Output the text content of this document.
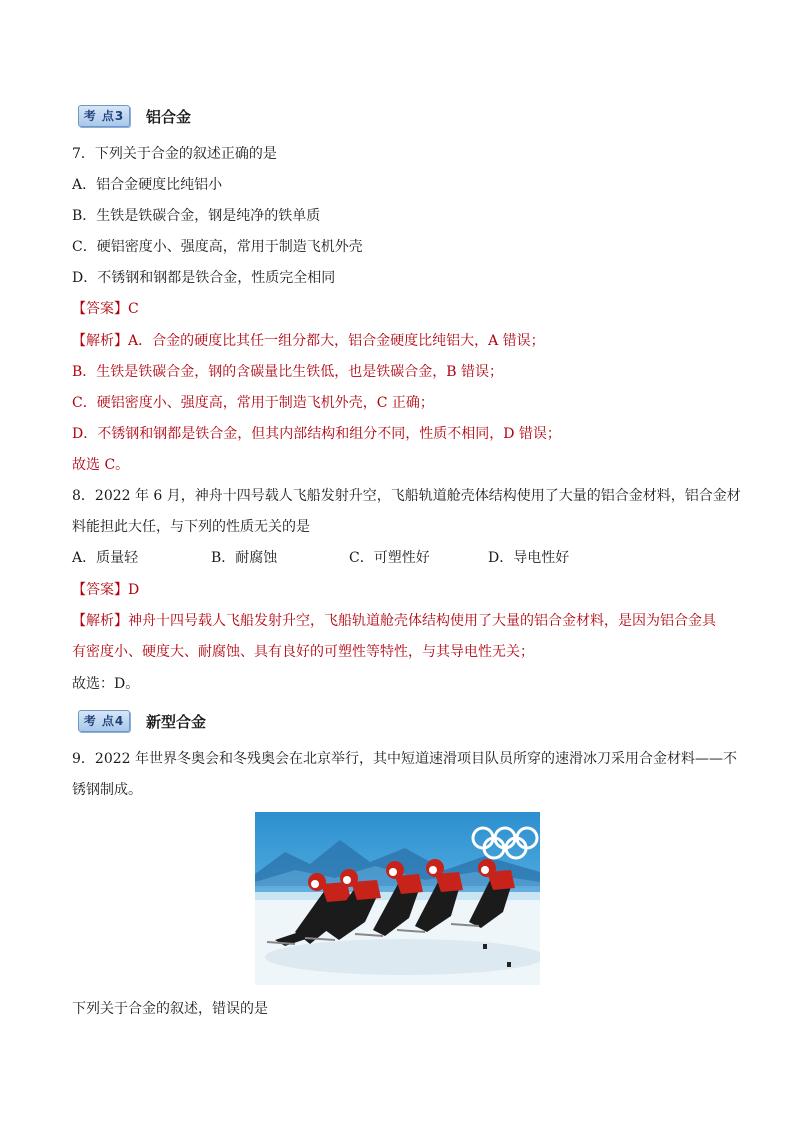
考 点3	铝合金
7．下列关于合金的叙述正确的是
A．铝合金硬度比纯铝小
B．生铁是铁碳合金，钢是纯净的铁单质
C．硬铝密度小、强度高，常用于制造飞机外壳
D．不锈钢和钢都是铁合金，性质完全相同
【答案】C
【解析】A．合金的硬度比其任一组分都大，铝合金硬度比纯铝大，A 错误；
B．生铁是铁碳合金，钢的含碳量比生铁低，也是铁碳合金，B 错误；
C．硬铝密度小、强度高，常用于制造飞机外壳，C 正确；
D．不锈钢和钢都是铁合金，但其内部结构和组分不同，性质不相同，D 错误；
故选 C。
8．2022 年 6 月，神舟十四号载人飞船发射升空，飞船轨道舱壳体结构使用了大量的铝合金材料，铝合金材
料能担此大任，与下列的性质无关的是
A．质量轻	B．耐腐蚀	C．可塑性好	D．导电性好
【答案】D
【解析】神舟十四号载人飞船发射升空，飞船轨道舱壳体结构使用了大量的铝合金材料，是因为铝合金具
有密度小、硬度大、耐腐蚀、具有良好的可塑性等特性，与其导电性无关；
故选：D。
考 点4	新型合金
9．2022 年世界冬奥会和冬残奥会在北京举行，其中短道速滑项目队员所穿的速滑冰刀采用合金材料——不
锈钢制成。
下列关于合金的叙述，错误的是
